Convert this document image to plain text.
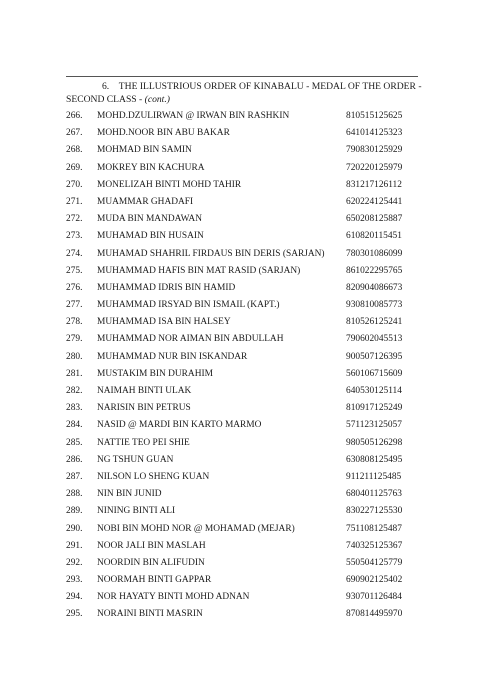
6.    THE ILLUSTRIOUS ORDER OF KINABALU - MEDAL OF THE ORDER -
SECOND CLASS - (cont.)
266.	MOHD.DZULIRWAN @ IRWAN BIN RASHKIN	810515125625
267.	MOHD.NOOR BIN ABU BAKAR	641014125323
268.	MOHMAD BIN SAMIN	790830125929
269.	MOKREY BIN KACHURA	720220125979
270.	MONELIZAH BINTI MOHD TAHIR	831217126112
271.	MUAMMAR GHADAFI	620224125441
272.	MUDA BIN MANDAWAN	650208125887
273.	MUHAMAD BIN HUSAIN	610820115451
274.	MUHAMAD SHAHRIL FIRDAUS BIN DERIS (SARJAN) 780301086099
275.	MUHAMMAD HAFIS BIN MAT RASID (SARJAN)	861022295765
276.	MUHAMMAD IDRIS BIN HAMID	820904086673
277.	MUHAMMAD IRSYAD BIN ISMAIL (KAPT.)	930810085773
278.	MUHAMMAD ISA BIN HALSEY	810526125241
279.	MUHAMMAD NOR AIMAN BIN ABDULLAH	790602045513
280.	MUHAMMAD NUR BIN ISKANDAR	900507126395
281.	MUSTAKIM BIN DURAHIM	560106715609
282.	NAIMAH BINTI ULAK	640530125114
283.	NARISIN BIN PETRUS	810917125249
284.	NASID @ MARDI BIN KARTO MARMO	571123125057
285.	NATTIE TEO PEI SHIE	980505126298
286.	NG TSHUN GUAN	630808125495
287.	NILSON LO SHENG KUAN	911211125485
288.	NIN BIN JUNID	680401125763
289.	NINING BINTI ALI	830227125530
290.	NOBI BIN MOHD NOR @ MOHAMAD (MEJAR)	751108125487
291.	NOOR JALI BIN MASLAH	740325125367
292.	NOORDIN BIN ALIFUDIN	550504125779
293.	NOORMAH BINTI GAPPAR	690902125402
294.	NOR HAYATY BINTI MOHD ADNAN	930701126484
295.	NORAINI BINTI MASRIN	870814495970
